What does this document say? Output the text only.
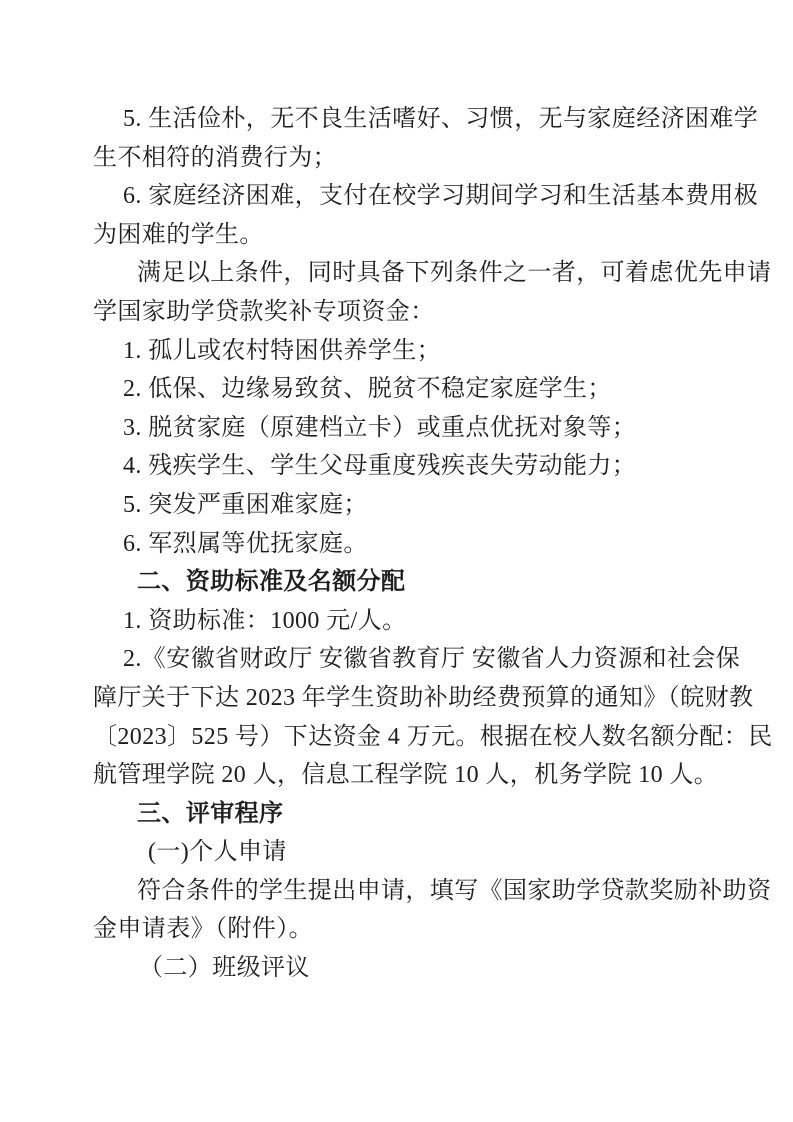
5. 生活俭朴，无不良生活嗜好、习惯，无与家庭经济困难学
生不相符的消费行为；
6. 家庭经济困难，支付在校学习期间学习和生活基本费用极
为困难的学生。
满足以上条件，同时具备下列条件之一者，可着虑优先申请
学国家助学贷款奖补专项资金：
1. 孤儿或农村特困供养学生；
2. 低保、边缘易致贫、脱贫不稳定家庭学生；
3. 脱贫家庭（原建档立卡）或重点优抚对象等；
4. 残疾学生、学生父母重度残疾丧失劳动能力；
5. 突发严重困难家庭；
6. 军烈属等优抚家庭。
二、资助标准及名额分配
1. 资助标准：1000 元/人。
2.《安徽省财政厅 安徽省教育厅 安徽省人力资源和社会保
障厅关于下达 2023 年学生资助补助经费预算的通知》（皖财教
〔2023〕525 号）下达资金 4 万元。根据在校人数名额分配：民
航管理学院 20 人，信息工程学院 10 人，机务学院 10 人。
三、评审程序
(一)个人申请
符合条件的学生提出申请，填写《国家助学贷款奖励补助资
金申请表》（附件）。
（二）班级评议
